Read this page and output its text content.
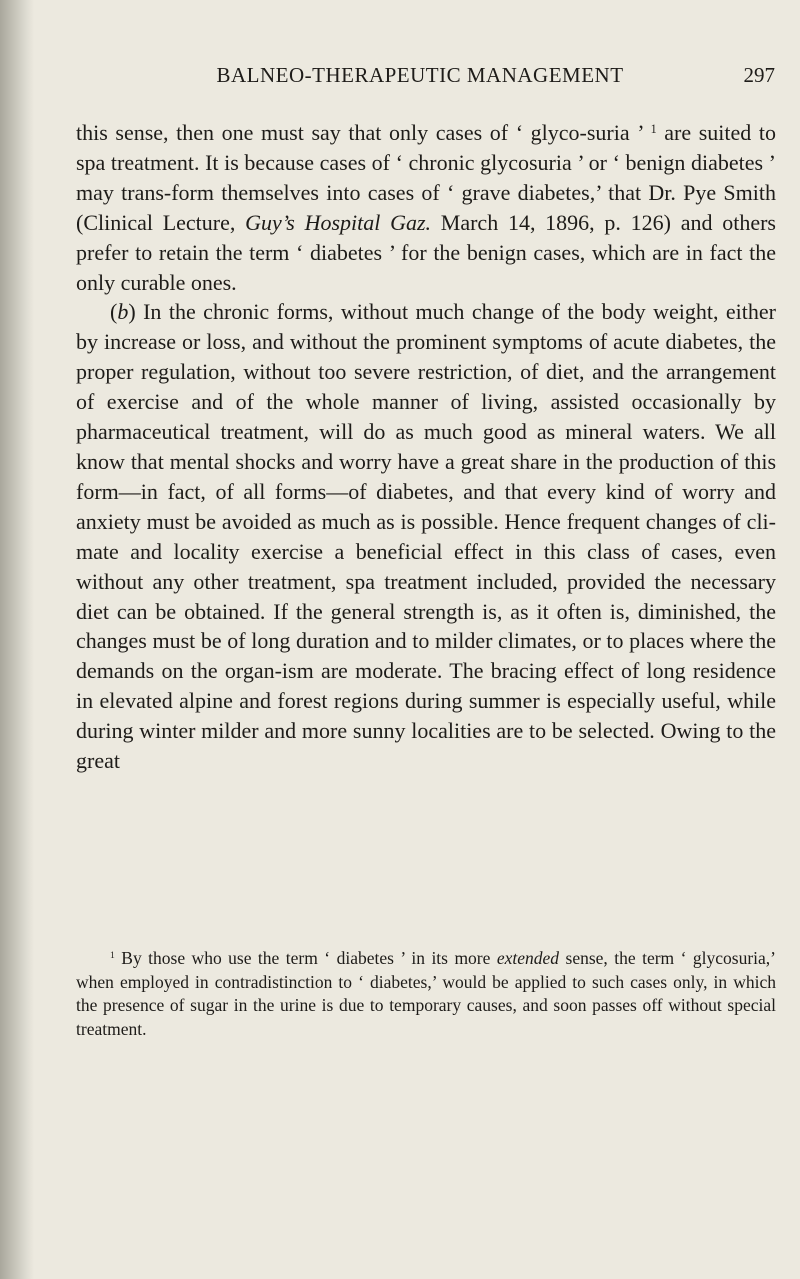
BALNEO-THERAPEUTIC MANAGEMENT	297

this sense, then one must say that only cases of ‘ glyco-suria ’ $^1$ are suited to spa treatment. It is because cases of ‘ chronic glycosuria ’ or ‘ benign diabetes ’ may trans-form themselves into cases of ‘ grave diabetes,’ that Dr. Pye Smith (Clinical Lecture, Guy’s Hospital Gaz. March 14, 1896, p. 126) and others prefer to retain the term ‘ diabetes ’ for the benign cases, which are in fact the only curable ones.

(b) In the chronic forms, without much change of the body weight, either by increase or loss, and without the prominent symptoms of acute diabetes, the proper regulation, without too severe restriction, of diet, and the arrangement of exercise and of the whole manner of living, assisted occasionally by pharmaceutical treatment, will do as much good as mineral waters. We all know that mental shocks and worry have a great share in the production of this form—in fact, of all forms—of diabetes, and that every kind of worry and anxiety must be avoided as much as is possible. Hence frequent changes of cli-mate and locality exercise a beneficial effect in this class of cases, even without any other treatment, spa treatment included, provided the necessary diet can be obtained. If the general strength is, as it often is, diminished, the changes must be of long duration and to milder climates, or to places where the demands on the organ-ism are moderate. The bracing effect of long residence in elevated alpine and forest regions during summer is especially useful, while during winter milder and more sunny localities are to be selected. Owing to the great

$^1$ By those who use the term ‘ diabetes ’ in its more extended sense, the term ‘ glycosuria,’ when employed in contradistinction to ‘ diabetes,’ would be applied to such cases only, in which the presence of sugar in the urine is due to temporary causes, and soon passes off without special treatment.
